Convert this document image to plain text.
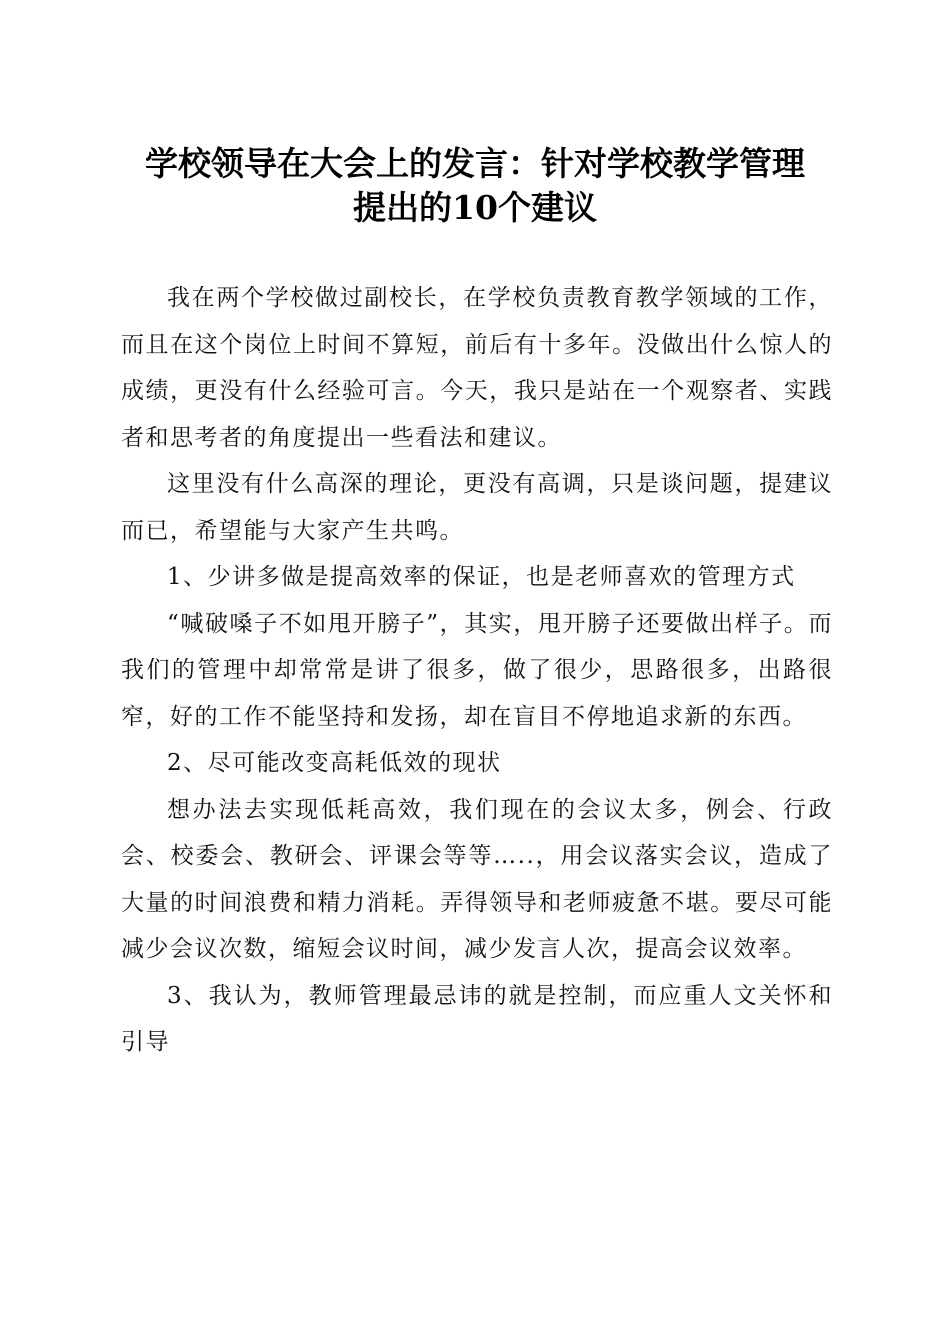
学校领导在大会上的发言：针对学校教学管理
提出的10个建议

我在两个学校做过副校长，在学校负责教育教学领域的工作，而且在这个岗位上时间不算短，前后有十多年。没做出什么惊人的成绩，更没有什么经验可言。今天，我只是站在一个观察者、实践者和思考者的角度提出一些看法和建议。

这里没有什么高深的理论，更没有高调，只是谈问题，提建议而已，希望能与大家产生共鸣。

1、少讲多做是提高效率的保证，也是老师喜欢的管理方式

“喊破嗓子不如甩开膀子”，其实，甩开膀子还要做出样子。而我们的管理中却常常是讲了很多，做了很少，思路很多，出路很窄，好的工作不能坚持和发扬，却在盲目不停地追求新的东西。

2、尽可能改变高耗低效的现状

想办法去实现低耗高效，我们现在的会议太多，例会、行政会、校委会、教研会、评课会等等…..，用会议落实会议，造成了大量的时间浪费和精力消耗。弄得领导和老师疲惫不堪。要尽可能减少会议次数，缩短会议时间，减少发言人次，提高会议效率。

3、我认为，教师管理最忌讳的就是控制，而应重人文关怀和引导
